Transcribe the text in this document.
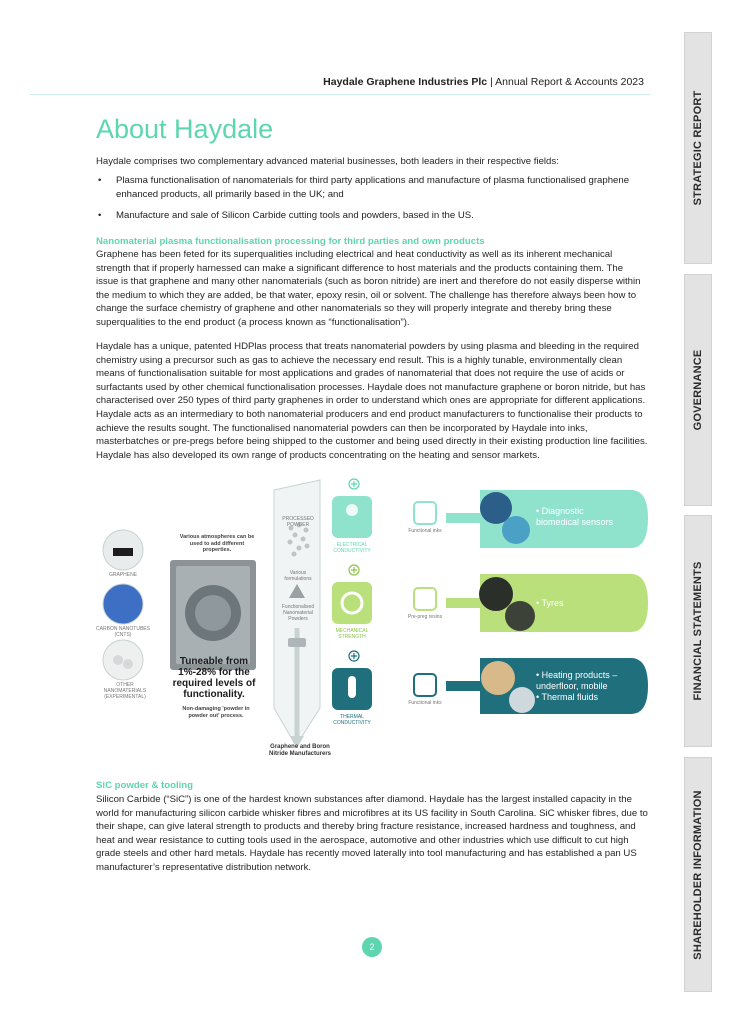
Haydale Graphene Industries Plc | Annual Report & Accounts 2023
STRATEGIC REPORT
GOVERNANCE
FINANCIAL STATEMENTS
SHAREHOLDER INFORMATION
About Haydale

Haydale comprises two complementary advanced material businesses, both leaders in their respective fields:

• Plasma functionalisation of nanomaterials for third party applications and manufacture of plasma functionalised graphene enhanced products, all primarily based in the UK; and
• Manufacture and sale of Silicon Carbide cutting tools and powders, based in the US.
Nanomaterial plasma functionalisation processing for third parties and own products

Graphene has been feted for its superqualities including electrical and heat conductivity as well as its inherent mechanical strength that if properly harnessed can make a significant difference to host materials and the products containing them. The issue is that graphene and many other nanomaterials (such as boron nitride) are inert and therefore do not easily disperse within the medium to which they are added, be that water, epoxy resin, oil or solvent. The challenge has therefore always been how to change the surface chemistry of graphene and other nanomaterials so they will properly integrate and thereby bring these superqualities to the end product (a process known as “functionalisation”).

Haydale has a unique, patented HDPlas process that treats nanomaterial powders by using plasma and bleeding in the required chemistry using a precursor such as gas to achieve the necessary end result. This is a highly tunable, environmentally clean means of functionalisation suitable for most applications and grades of nanomaterial that does not require the use of acids or surfactants used by other chemical functionalisation processes. Haydale does not manufacture graphene or boron nitride, but has characterised over 250 types of third party graphenes in order to understand which ones are appropriate for different applications. Haydale acts as an intermediary to both nanomaterial producers and end product manufacturers to functionalise their products to achieve the results sought. The functionalised nanomaterial powders can then be incorporated by Haydale into inks, masterbatches or pre-pregs before being shipped to the customer and being used directly in their existing production line facilities. Haydale has also developed its own range of products concentrating on the heating and sensor markets.

GRAPHENE
CARBON NANOTUBES (CNTS)
OTHER NANOMATERIALS (EXPERIMENTAL)
Various atmospheres can be used to add different properties.
Tuneable from 1%-28% for the required levels of functionality.
Non-damaging 'powder in powder out' process.
PROCESSED POWDER
Various formulations
Functionalised Nanomaterial Powders
Graphene and Boron Nitride Manufacturers
ELECTRICAL CONDUCTIVITY
MECHANICAL STRENGTH
THERMAL CONDUCTIVITY
Functional inks
Pre-preg resins
Functional inks
• Diagnostic
biomedical sensors
• Tyres
• Heating products –
underfloor, mobile
• Thermal fluids
SiC powder & tooling

Silicon Carbide (“SiC”) is one of the hardest known substances after diamond. Haydale has the largest installed capacity in the world for manufacturing silicon carbide whisker fibres and microfibres at its US facility in South Carolina. SiC whisker fibres, due to their shape, can give lateral strength to products and thereby bring fracture resistance, increased hardness and toughness, and heat and wear resistance to cutting tools used in the aerospace, automotive and other industries which use difficult to cut high grade steels and other hard metals. Haydale has recently moved laterally into tool manufacturing and has established a pan US manufacturer’s representative distribution network.

2
